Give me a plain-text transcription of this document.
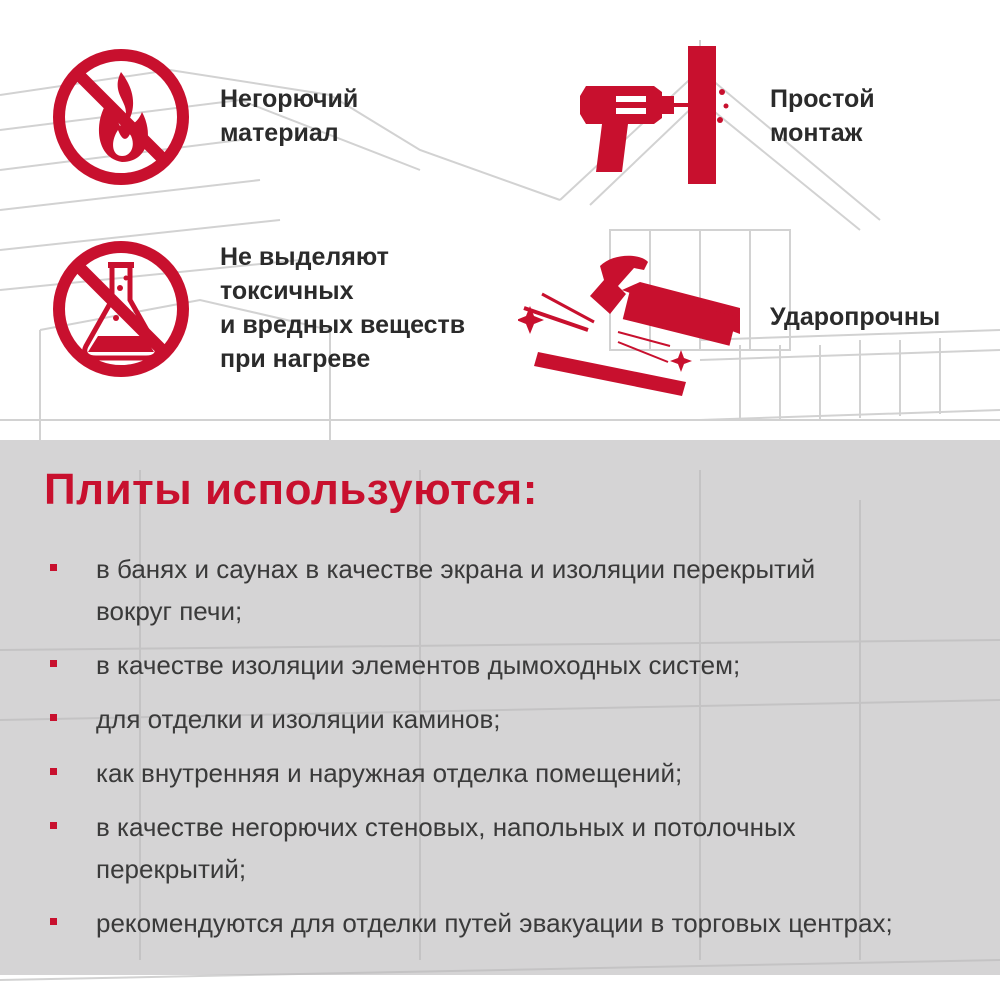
Негорючий
материал

Простой
монтаж

Не выделяют
токсичных
и вредных веществ
при нагреве

Ударопрочны

Плиты используются:
в банях и саунах в качестве экрана и изоляции перекрытий
вокруг печи;
в качестве изоляции элементов дымоходных систем;
для отделки и изоляции каминов;
как внутренняя и наружная отделка помещений;
в качестве негорючих стеновых, напольных и потолочных
перекрытий;
рекомендуются для отделки путей эвакуации в торговых центрах;
